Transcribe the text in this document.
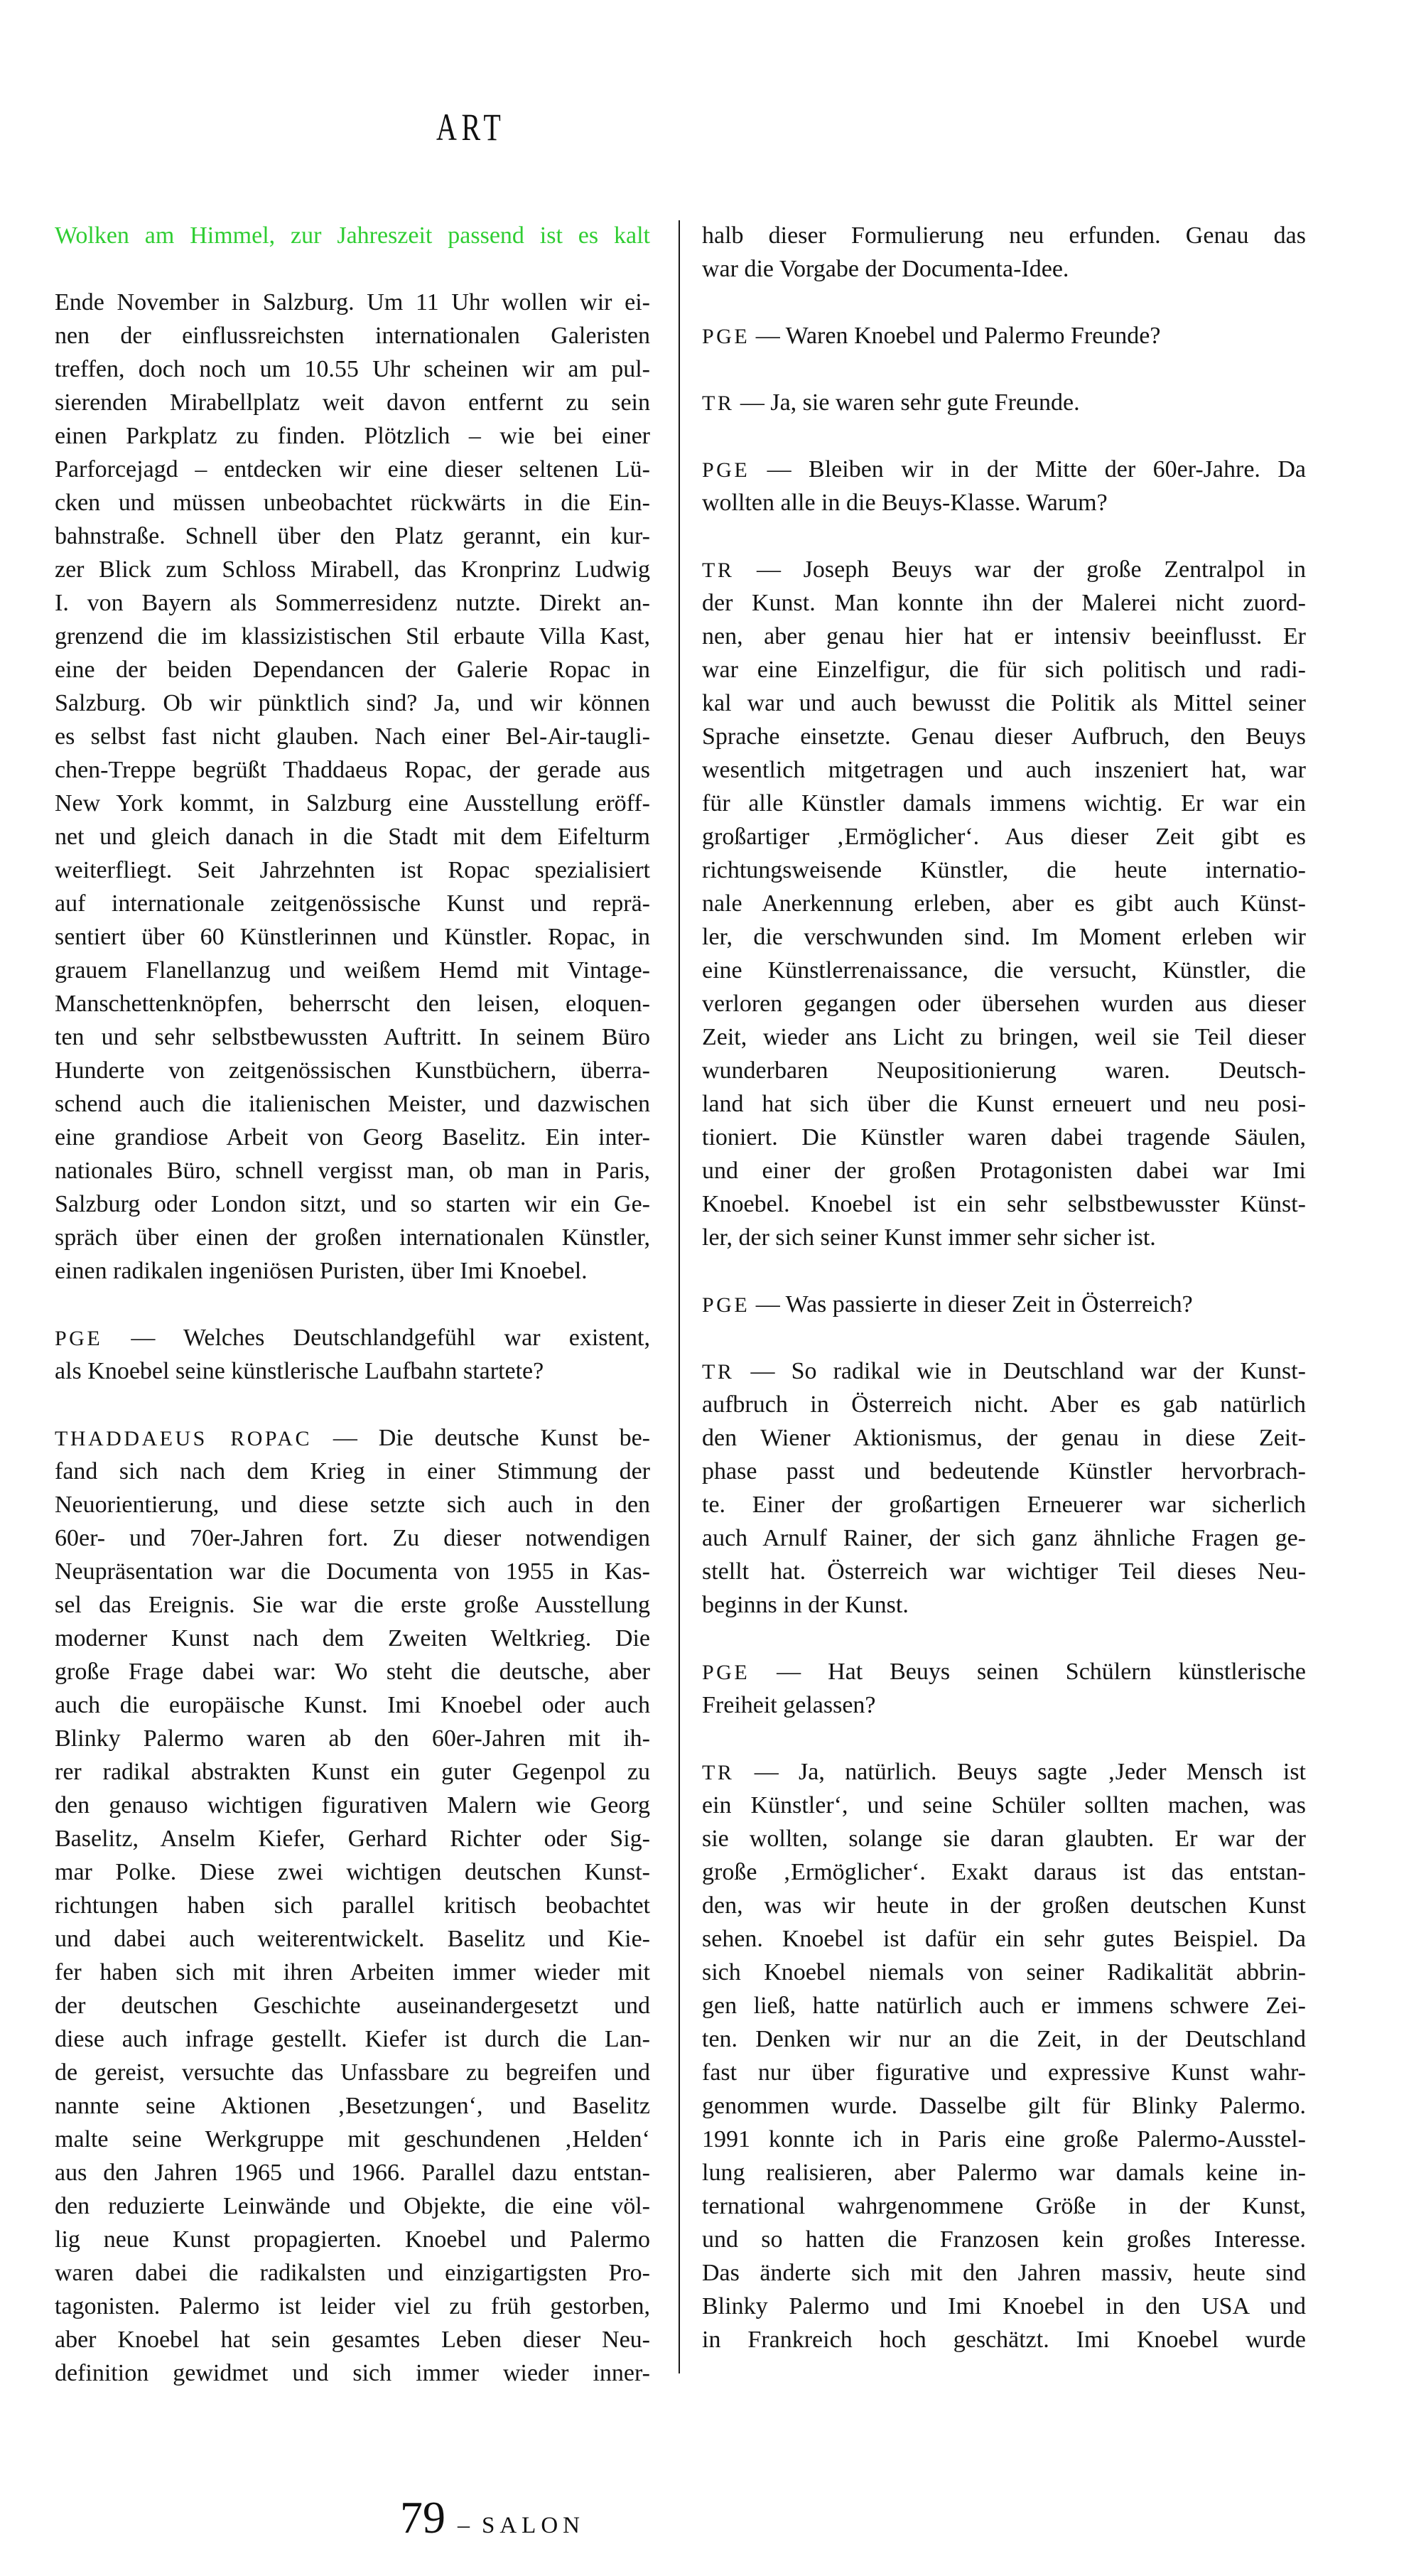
ART
Wolken am Himmel, zur Jahreszeit passend ist es kalt
Ende November in Salzburg. Um 11 Uhr wollen wir ei-
nen der einflussreichsten internationalen Galeristen
treffen, doch noch um 10.55 Uhr scheinen wir am pul-
sierenden Mirabellplatz weit davon entfernt zu sein
einen Parkplatz zu finden. Plötzlich – wie bei einer
Parforcejagd – entdecken wir eine dieser seltenen Lü-
cken und müssen unbeobachtet rückwärts in die Ein-
bahnstraße. Schnell über den Platz gerannt, ein kur-
zer Blick zum Schloss Mirabell, das Kronprinz Ludwig
I. von Bayern als Sommerresidenz nutzte. Direkt an-
grenzend die im klassizistischen Stil erbaute Villa Kast,
eine der beiden Dependancen der Galerie Ropac in
Salzburg. Ob wir pünktlich sind? Ja, und wir können
es selbst fast nicht glauben. Nach einer Bel-Air-taugli-
chen-Treppe begrüßt Thaddaeus Ropac, der gerade aus
New York kommt, in Salzburg eine Ausstellung eröff-
net und gleich danach in die Stadt mit dem Eifelturm
weiterfliegt. Seit Jahrzehnten ist Ropac spezialisiert
auf internationale zeitgenössische Kunst und reprä-
sentiert über 60 Künstlerinnen und Künstler. Ropac, in
grauem Flanellanzug und weißem Hemd mit Vintage-
Manschettenknöpfen, beherrscht den leisen, eloquen-
ten und sehr selbstbewussten Auftritt. In seinem Büro
Hunderte von zeitgenössischen Kunstbüchern, überra-
schend auch die italienischen Meister, und dazwischen
eine grandiose Arbeit von Georg Baselitz. Ein inter-
nationales Büro, schnell vergisst man, ob man in Paris,
Salzburg oder London sitzt, und so starten wir ein Ge-
spräch über einen der großen internationalen Künstler,
einen radikalen ingeniösen Puristen, über Imi Knoebel.
PGE — Welches Deutschlandgefühl war existent,
als Knoebel seine künstlerische Laufbahn startete?
THADDAEUS ROPAC — Die deutsche Kunst be-
fand sich nach dem Krieg in einer Stimmung der
Neuorientierung, und diese setzte sich auch in den
60er- und 70er-Jahren fort. Zu dieser notwendigen
Neupräsentation war die Documenta von 1955 in Kas-
sel das Ereignis. Sie war die erste große Ausstellung
moderner Kunst nach dem Zweiten Weltkrieg. Die
große Frage dabei war: Wo steht die deutsche, aber
auch die europäische Kunst. Imi Knoebel oder auch
Blinky Palermo waren ab den 60er-Jahren mit ih-
rer radikal abstrakten Kunst ein guter Gegenpol zu
den genauso wichtigen figurativen Malern wie Georg
Baselitz, Anselm Kiefer, Gerhard Richter oder Sig-
mar Polke. Diese zwei wichtigen deutschen Kunst-
richtungen haben sich parallel kritisch beobachtet
und dabei auch weiterentwickelt. Baselitz und Kie-
fer haben sich mit ihren Arbeiten immer wieder mit
der deutschen Geschichte auseinandergesetzt und
diese auch infrage gestellt. Kiefer ist durch die Lan-
de gereist, versuchte das Unfassbare zu begreifen und
nannte seine Aktionen ‚Besetzungen‘, und Baselitz
malte seine Werkgruppe mit geschundenen ‚Helden‘
aus den Jahren 1965 und 1966. Parallel dazu entstan-
den reduzierte Leinwände und Objekte, die eine völ-
lig neue Kunst propagierten. Knoebel und Palermo
waren dabei die radikalsten und einzigartigsten Pro-
tagonisten. Palermo ist leider viel zu früh gestorben,
aber Knoebel hat sein gesamtes Leben dieser Neu-
definition gewidmet und sich immer wieder inner-
halb dieser Formulierung neu erfunden. Genau das
war die Vorgabe der Documenta-Idee.
PGE — Waren Knoebel und Palermo Freunde?
TR — Ja, sie waren sehr gute Freunde.
PGE — Bleiben wir in der Mitte der 60er-Jahre. Da
wollten alle in die Beuys-Klasse. Warum?
TR — Joseph Beuys war der große Zentralpol in
der Kunst. Man konnte ihn der Malerei nicht zuord-
nen, aber genau hier hat er intensiv beeinflusst. Er
war eine Einzelfigur, die für sich politisch und radi-
kal war und auch bewusst die Politik als Mittel seiner
Sprache einsetzte. Genau dieser Aufbruch, den Beuys
wesentlich mitgetragen und auch inszeniert hat, war
für alle Künstler damals immens wichtig. Er war ein
großartiger ‚Ermöglicher‘. Aus dieser Zeit gibt es
richtungsweisende Künstler, die heute internatio-
nale Anerkennung erleben, aber es gibt auch Künst-
ler, die verschwunden sind. Im Moment erleben wir
eine Künstlerrenaissance, die versucht, Künstler, die
verloren gegangen oder übersehen wurden aus dieser
Zeit, wieder ans Licht zu bringen, weil sie Teil dieser
wunderbaren Neupositionierung waren. Deutsch-
land hat sich über die Kunst erneuert und neu posi-
tioniert. Die Künstler waren dabei tragende Säulen,
und einer der großen Protagonisten dabei war Imi
Knoebel. Knoebel ist ein sehr selbstbewusster Künst-
ler, der sich seiner Kunst immer sehr sicher ist.
PGE — Was passierte in dieser Zeit in Österreich?
TR — So radikal wie in Deutschland war der Kunst-
aufbruch in Österreich nicht. Aber es gab natürlich
den Wiener Aktionismus, der genau in diese Zeit-
phase passt und bedeutende Künstler hervorbrach-
te. Einer der großartigen Erneuerer war sicherlich
auch Arnulf Rainer, der sich ganz ähnliche Fragen ge-
stellt hat. Österreich war wichtiger Teil dieses Neu-
beginns in der Kunst.
PGE — Hat Beuys seinen Schülern künstlerische
Freiheit gelassen?
TR — Ja, natürlich. Beuys sagte ‚Jeder Mensch ist
ein Künstler‘, und seine Schüler sollten machen, was
sie wollten, solange sie daran glaubten. Er war der
große ‚Ermöglicher‘. Exakt daraus ist das entstan-
den, was wir heute in der großen deutschen Kunst
sehen. Knoebel ist dafür ein sehr gutes Beispiel. Da
sich Knoebel niemals von seiner Radikalität abbrin-
gen ließ, hatte natürlich auch er immens schwere Zei-
ten. Denken wir nur an die Zeit, in der Deutschland
fast nur über figurative und expressive Kunst wahr-
genommen wurde. Dasselbe gilt für Blinky Palermo.
1991 konnte ich in Paris eine große Palermo-Ausstel-
lung realisieren, aber Palermo war damals keine in-
ternational wahrgenommene Größe in der Kunst,
und so hatten die Franzosen kein großes Interesse.
Das änderte sich mit den Jahren massiv, heute sind
Blinky Palermo und Imi Knoebel in den USA und
in Frankreich hoch geschätzt. Imi Knoebel wurde
79 – SALON
